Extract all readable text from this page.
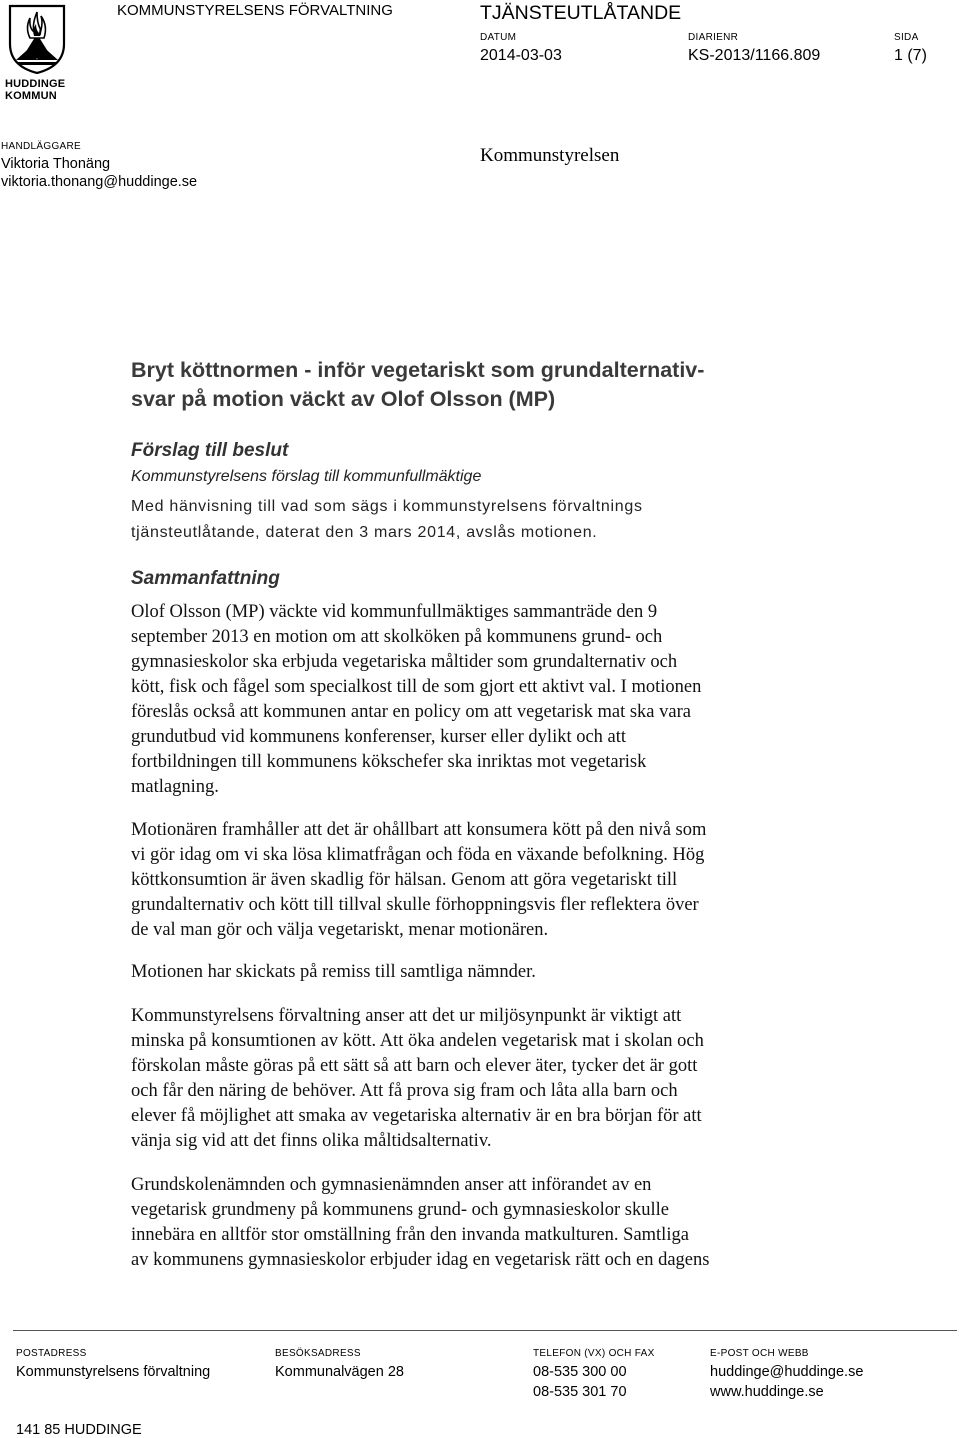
HUDDINGE
KOMMUN
KOMMUNSTYRELSENS FÖRVALTNING	TJÄNSTEUTLÅTANDE
DATUM
2014-03-03
DIARIENR
KS-2013/1166.809
SIDA
1 (7)
HANDLÄGGARE
Viktoria Thonäng
viktoria.thonang@huddinge.se
Kommunstyrelsen
Bryt köttnormen - inför vegetariskt som grundalternativ-
svar på motion väckt av Olof Olsson (MP)
Förslag till beslut
Kommunstyrelsens förslag till kommunfullmäktige
Med hänvisning till vad som sägs i kommunstyrelsens förvaltnings
tjänsteutlåtande, daterat den 3 mars 2014, avslås motionen.
Sammanfattning
Olof Olsson (MP) väckte vid kommunfullmäktiges sammanträde den 9
september 2013 en motion om att skolköken på kommunens grund- och
gymnasieskolor ska erbjuda vegetariska måltider som grundalternativ och
kött, fisk och fågel som specialkost till de som gjort ett aktivt val. I motionen
föreslås också att kommunen antar en policy om att vegetarisk mat ska vara
grundutbud vid kommunens konferenser, kurser eller dylikt och att
fortbildningen till kommunens kökschefer ska inriktas mot vegetarisk
matlagning.
Motionären framhåller att det är ohållbart att konsumera kött på den nivå som
vi gör idag om vi ska lösa klimatfrågan och föda en växande befolkning. Hög
köttkonsumtion är även skadlig för hälsan. Genom att göra vegetariskt till
grundalternativ och kött till tillval skulle förhoppningsvis fler reflektera över
de val man gör och välja vegetariskt, menar motionären.
Motionen har skickats på remiss till samtliga nämnder.
Kommunstyrelsens förvaltning anser att det ur miljösynpunkt är viktigt att
minska på konsumtionen av kött. Att öka andelen vegetarisk mat i skolan och
förskolan måste göras på ett sätt så att barn och elever äter, tycker det är gott
och får den näring de behöver. Att få prova sig fram och låta alla barn och
elever få möjlighet att smaka av vegetariska alternativ är en bra början för att
vänja sig vid att det finns olika måltidsalternativ.
Grundskolenämnden och gymnasienämnden anser att införandet av en
vegetarisk grundmeny på kommunens grund- och gymnasieskolor skulle
innebära en alltför stor omställning från den invanda matkulturen. Samtliga
av kommunens gymnasieskolor erbjuder idag en vegetarisk rätt och en dagens
POSTADRESS
Kommunstyrelsens förvaltning
141 85 HUDDINGE
BESÖKSADRESS
Kommunalvägen 28
TELEFON (VX) OCH FAX
08-535 300 00
08-535 301 70
E-POST OCH WEBB
huddinge@huddinge.se
www.huddinge.se
